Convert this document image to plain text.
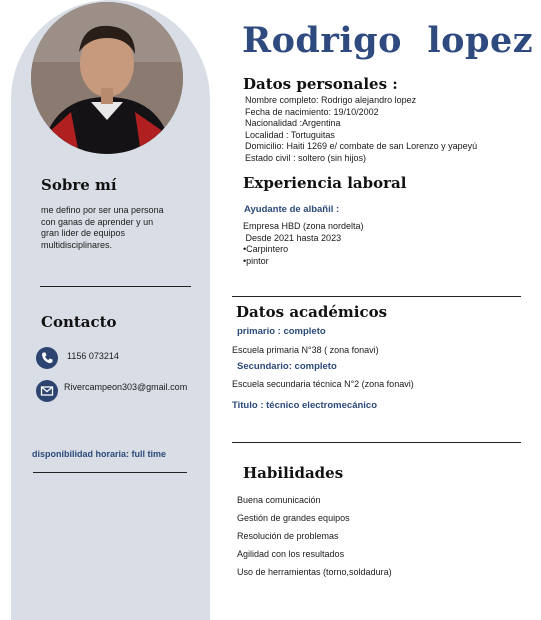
Sobre mí
me defino por ser una persona
con ganas de aprender y un
gran lider de equipos
multidisciplinares.
Contacto
1156 073214
Rivercampeon303@gmail.com
disponibilidad horaria: full time
Rodrigo  lopez
Datos personales :
Nombre completo: Rodrigo alejandro lopez
Fecha de nacimiento: 19/10/2002
Nacionalidad :Argentina
Localidad : Tortuguitas
Domicilio: Haiti 1269 e/ combate de san Lorenzo y yapeyú
Estado civil : soltero (sin hijos)
Experiencia laboral
Ayudante de albañil :
Empresa HBD (zona nordelta)
Desde 2021 hasta 2023
•Carpintero
•pintor
Datos académicos
primario : completo
Escuela primaria N°38 ( zona fonavi)
Secundario: completo
Escuela secundaria técnica N°2 (zona fonavi)
Titulo : técnico electromecánico
Habilidades
Buena comunicación
Gestión de grandes equipos
Resolución de problemas
Agilidad con los resultados
Uso de herramientas (torno,soldadura)
